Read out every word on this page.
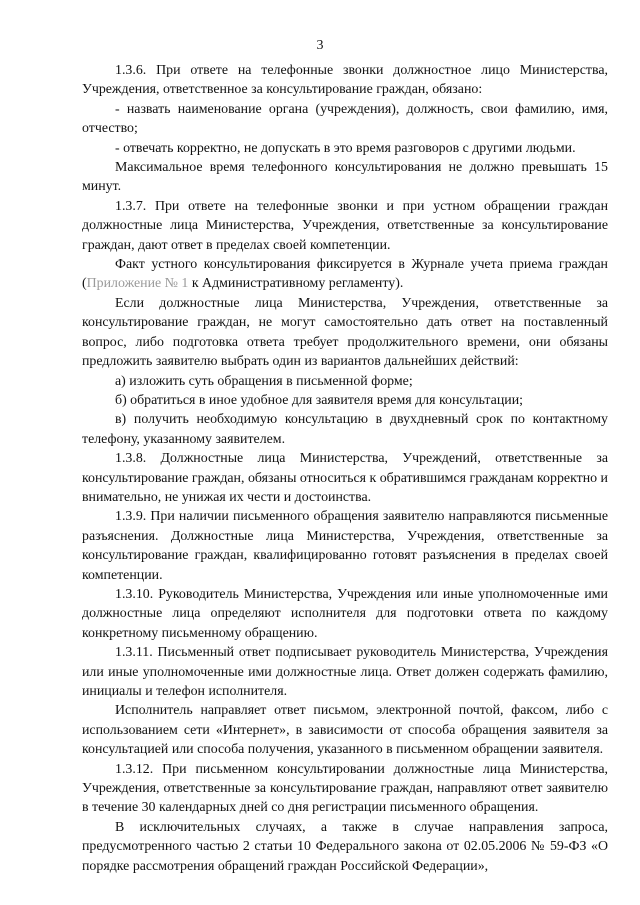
3

1.3.6. При ответе на телефонные звонки должностное лицо Министерства, Учреждения, ответственное за консультирование граждан, обязано:

- назвать наименование органа (учреждения), должность, свои фамилию, имя, отчество;

- отвечать корректно, не допускать в это время разговоров с другими людьми.

Максимальное время телефонного консультирования не должно превышать 15 минут.

1.3.7. При ответе на телефонные звонки и при устном обращении граждан должностные лица Министерства, Учреждения, ответственные за консультирование граждан, дают ответ в пределах своей компетенции.

Факт устного консультирования фиксируется в Журнале учета приема граждан (Приложение № 1 к Административному регламенту).

Если должностные лица Министерства, Учреждения, ответственные за консультирование граждан, не могут самостоятельно дать ответ на поставленный вопрос, либо подготовка ответа требует продолжительного времени, они обязаны предложить заявителю выбрать один из вариантов дальнейших действий:

а) изложить суть обращения в письменной форме;

б) обратиться в иное удобное для заявителя время для консультации;

в) получить необходимую консультацию в двухдневный срок по контактному телефону, указанному заявителем.

1.3.8. Должностные лица Министерства, Учреждений, ответственные за консультирование граждан, обязаны относиться к обратившимся гражданам корректно и внимательно, не унижая их чести и достоинства.

1.3.9. При наличии письменного обращения заявителю направляются письменные разъяснения. Должностные лица Министерства, Учреждения, ответственные за консультирование граждан, квалифицированно готовят разъяснения в пределах своей компетенции.

1.3.10. Руководитель Министерства, Учреждения или иные уполномоченные ими должностные лица определяют исполнителя для подготовки ответа по каждому конкретному письменному обращению.

1.3.11. Письменный ответ подписывает руководитель Министерства, Учреждения или иные уполномоченные ими должностные лица. Ответ должен содержать фамилию, инициалы и телефон исполнителя.

Исполнитель направляет ответ письмом, электронной почтой, факсом, либо с использованием сети «Интернет», в зависимости от способа обращения заявителя за консультацией или способа получения, указанного в письменном обращении заявителя.

1.3.12. При письменном консультировании должностные лица Министерства, Учреждения, ответственные за консультирование граждан, направляют ответ заявителю в течение 30 календарных дней со дня регистрации письменного обращения.

В исключительных случаях, а также в случае направления запроса, предусмотренного частью 2 статьи 10 Федерального закона от 02.05.2006 № 59-ФЗ «О порядке рассмотрения обращений граждан Российской Федерации»,
